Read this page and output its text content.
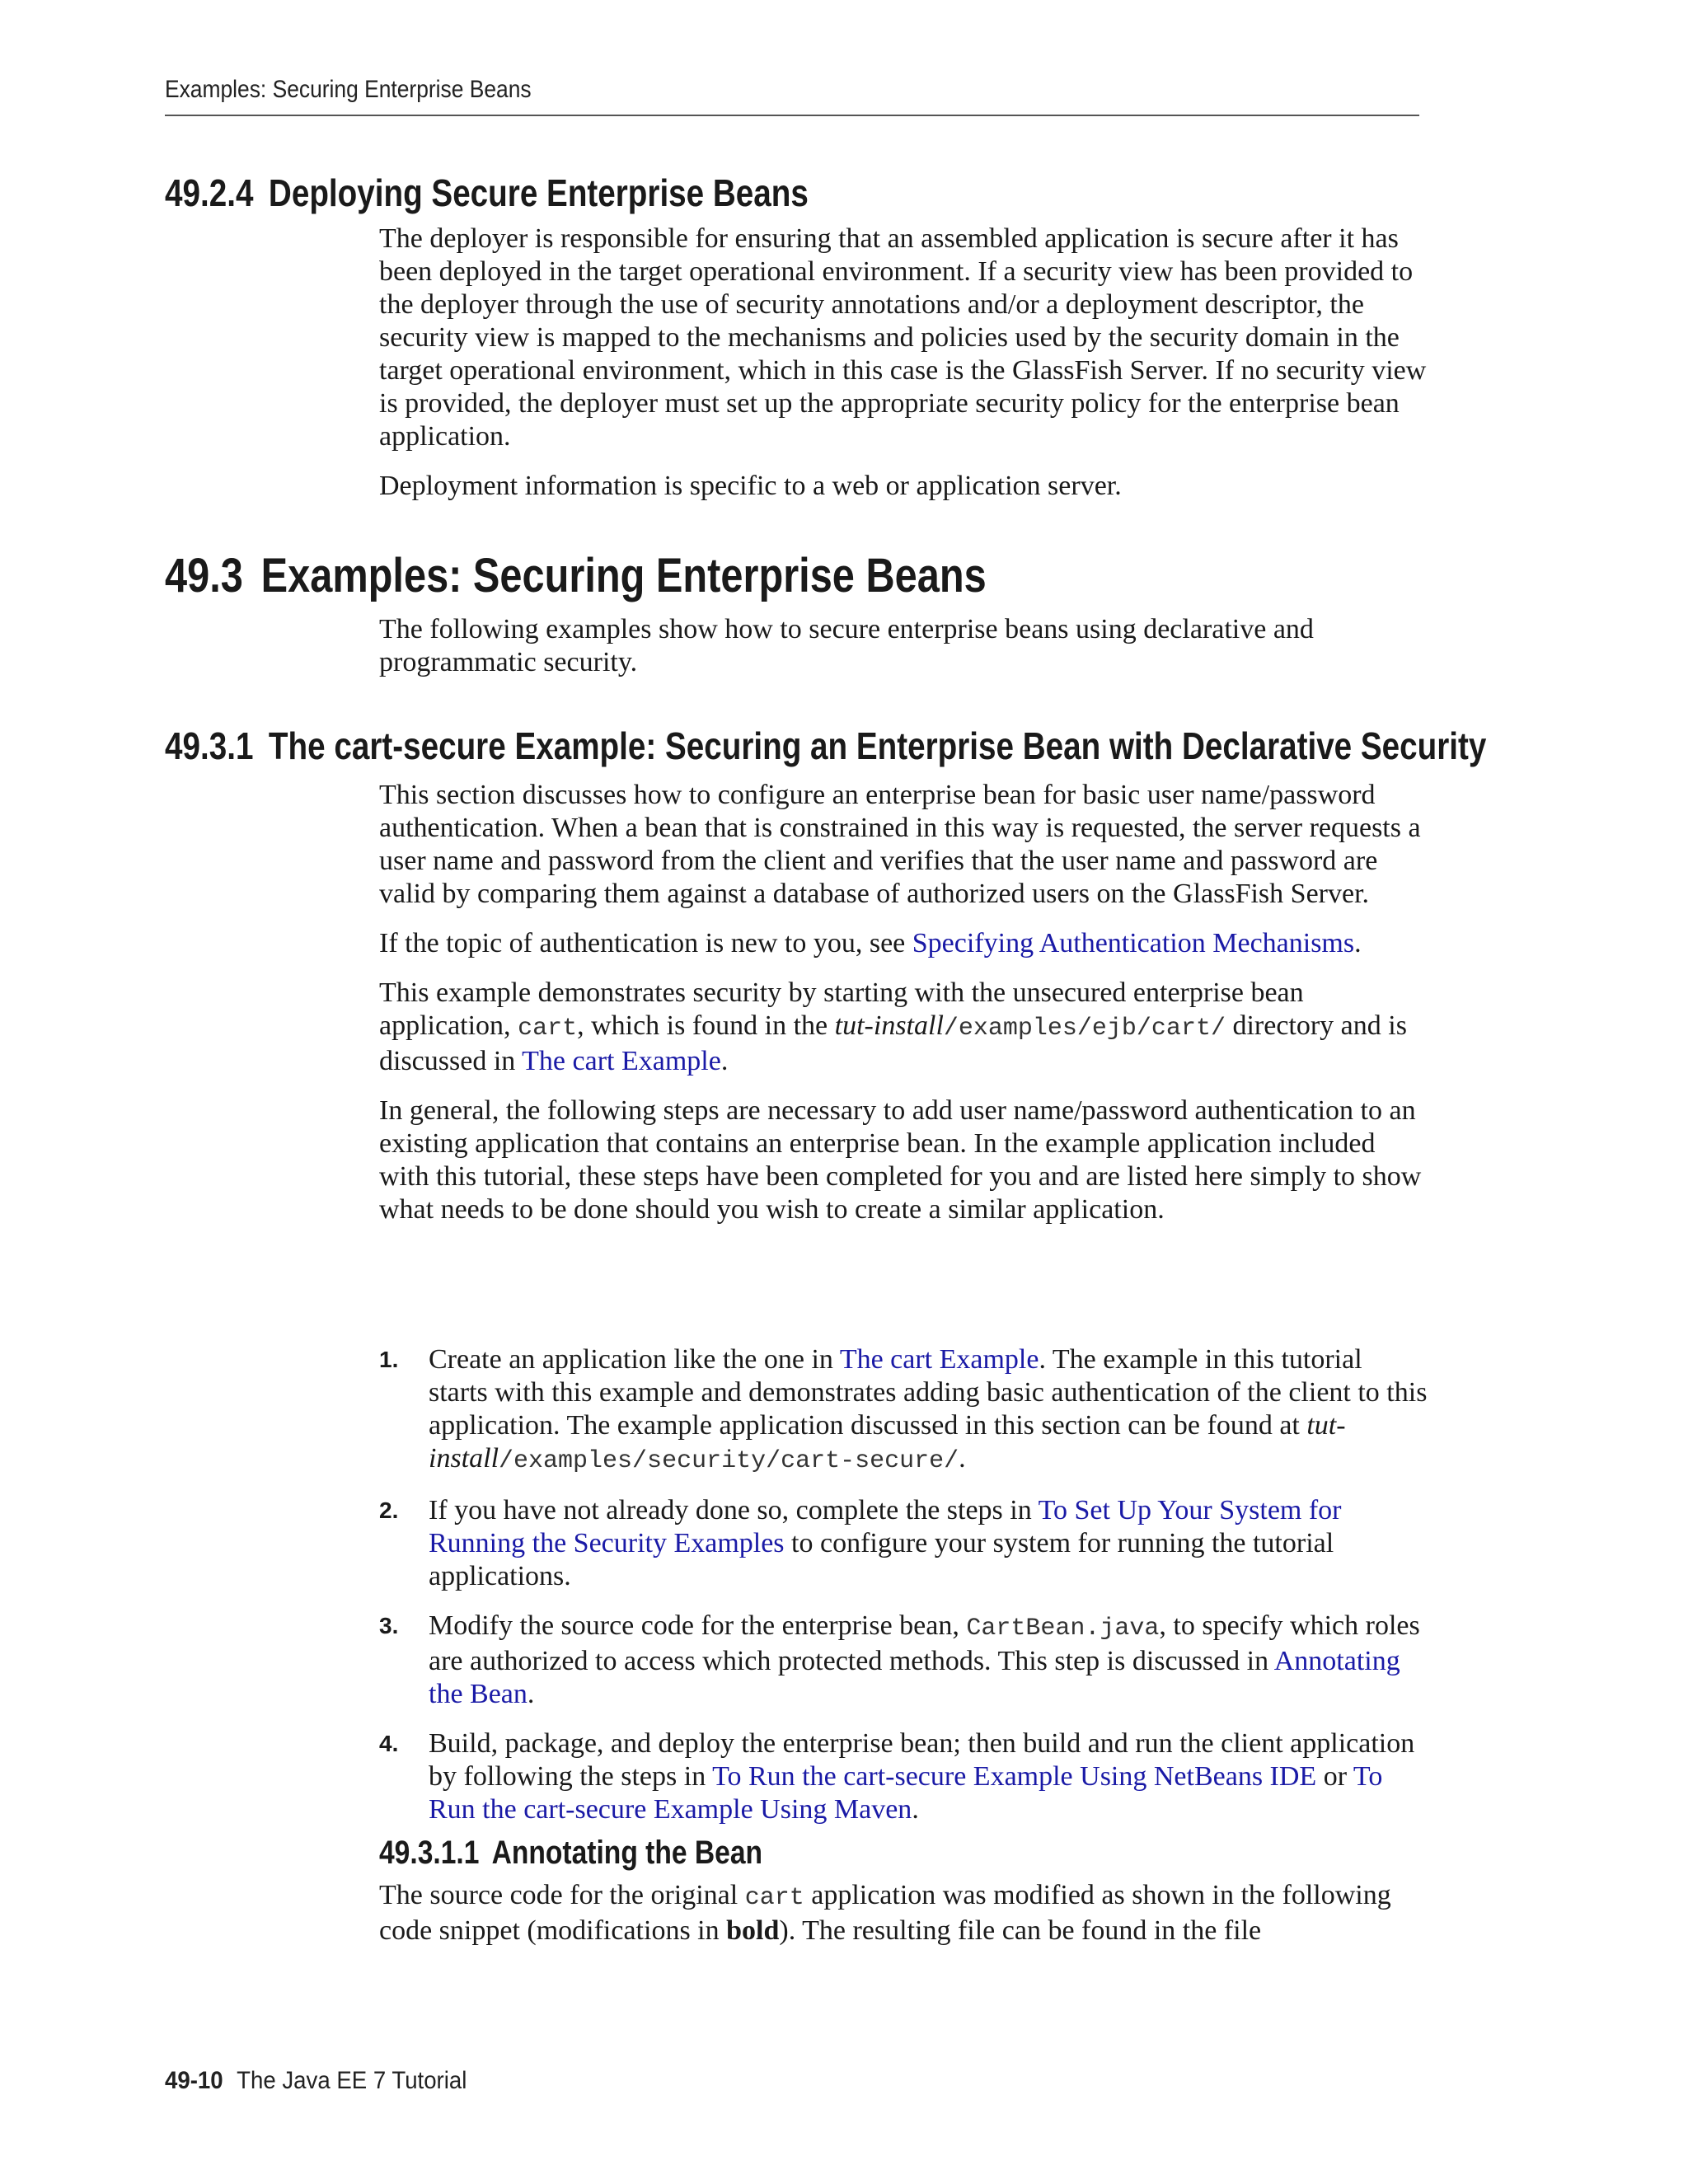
Examples: Securing Enterprise Beans
49.2.4 Deploying Secure Enterprise Beans

The deployer is responsible for ensuring that an assembled application is secure after it has been deployed in the target operational environment. If a security view has been provided to the deployer through the use of security annotations and/or a deployment descriptor, the security view is mapped to the mechanisms and policies used by the security domain in the target operational environment, which in this case is the GlassFish Server. If no security view is provided, the deployer must set up the appropriate security policy for the enterprise bean application.

Deployment information is specific to a web or application server.

49.3 Examples: Securing Enterprise Beans

The following examples show how to secure enterprise beans using declarative and programmatic security.

49.3.1 The cart-secure Example: Securing an Enterprise Bean with Declarative Security

This section discusses how to configure an enterprise bean for basic user name/password authentication. When a bean that is constrained in this way is requested, the server requests a user name and password from the client and verifies that the user name and password are valid by comparing them against a database of authorized users on the GlassFish Server.

If the topic of authentication is new to you, see Specifying Authentication Mechanisms.

This example demonstrates security by starting with the unsecured enterprise bean application, cart, which is found in the tut-install/examples/ejb/cart/ directory and is discussed in The cart Example.

In general, the following steps are necessary to add user name/password authentication to an existing application that contains an enterprise bean. In the example application included with this tutorial, these steps have been completed for you and are listed here simply to show what needs to be done should you wish to create a similar application.

1. Create an application like the one in The cart Example. The example in this tutorial starts with this example and demonstrates adding basic authentication of the client to this application. The example application discussed in this section can be found at tut-install/examples/security/cart-secure/.
2. If you have not already done so, complete the steps in To Set Up Your System for Running the Security Examples to configure your system for running the tutorial applications.
3. Modify the source code for the enterprise bean, CartBean.java, to specify which roles are authorized to access which protected methods. This step is discussed in Annotating the Bean.
4. Build, package, and deploy the enterprise bean; then build and run the client application by following the steps in To Run the cart-secure Example Using NetBeans IDE or To Run the cart-secure Example Using Maven.
49.3.1.1 Annotating the Bean

The source code for the original cart application was modified as shown in the following code snippet (modifications in bold). The resulting file can be found in the file

49-10 The Java EE 7 Tutorial
